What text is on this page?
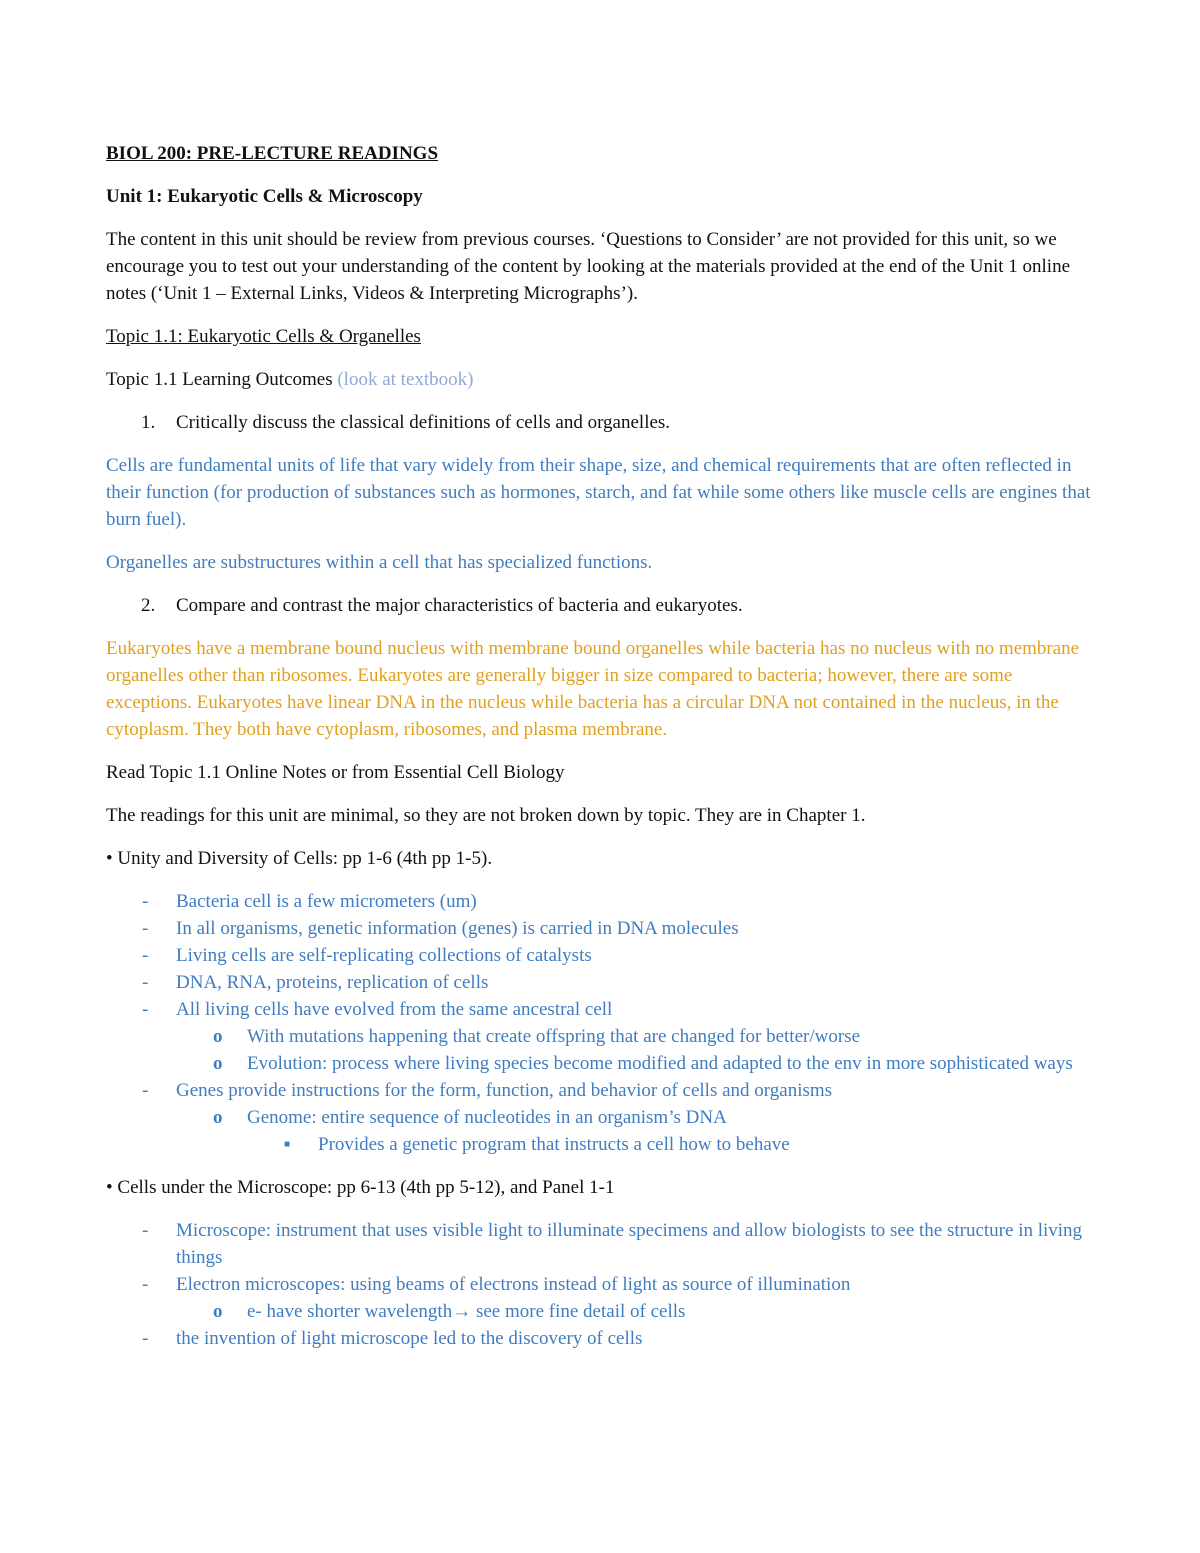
BIOL 200: PRE-LECTURE READINGS

Unit 1: Eukaryotic Cells & Microscopy

The content in this unit should be review from previous courses. ‘Questions to Consider’ are not provided for this unit, so we encourage you to test out your understanding of the content by looking at the materials provided at the end of the Unit 1 online notes (‘Unit 1 – External Links, Videos & Interpreting Micrographs’).

Topic 1.1: Eukaryotic Cells & Organelles

Topic 1.1 Learning Outcomes (look at textbook)

1. Critically discuss the classical definitions of cells and organelles.

Cells are fundamental units of life that vary widely from their shape, size, and chemical requirements that are often reflected in their function (for production of substances such as hormones, starch, and fat while some others like muscle cells are engines that burn fuel).

Organelles are substructures within a cell that has specialized functions.

2. Compare and contrast the major characteristics of bacteria and eukaryotes.

Eukaryotes have a membrane bound nucleus with membrane bound organelles while bacteria has no nucleus with no membrane organelles other than ribosomes. Eukaryotes are generally bigger in size compared to bacteria; however, there are some exceptions. Eukaryotes have linear DNA in the nucleus while bacteria has a circular DNA not contained in the nucleus, in the cytoplasm. They both have cytoplasm, ribosomes, and plasma membrane.

Read Topic 1.1 Online Notes or from Essential Cell Biology

The readings for this unit are minimal, so they are not broken down by topic. They are in Chapter 1.

• Unity and Diversity of Cells: pp 1-6 (4th pp 1-5).

- Bacteria cell is a few micrometers (um)
- In all organisms, genetic information (genes) is carried in DNA molecules
- Living cells are self-replicating collections of catalysts
- DNA, RNA, proteins, replication of cells
- All living cells have evolved from the same ancestral cell
o With mutations happening that create offspring that are changed for better/worse
o Evolution: process where living species become modified and adapted to the env in more sophisticated ways
- Genes provide instructions for the form, function, and behavior of cells and organisms
o Genome: entire sequence of nucleotides in an organism’s DNA
■ Provides a genetic program that instructs a cell how to behave

• Cells under the Microscope: pp 6-13 (4th pp 5-12), and Panel 1-1

- Microscope: instrument that uses visible light to illuminate specimens and allow biologists to see the structure in living things
- Electron microscopes: using beams of electrons instead of light as source of illumination
o e- have shorter wavelength→ see more fine detail of cells
- the invention of light microscope led to the discovery of cells
